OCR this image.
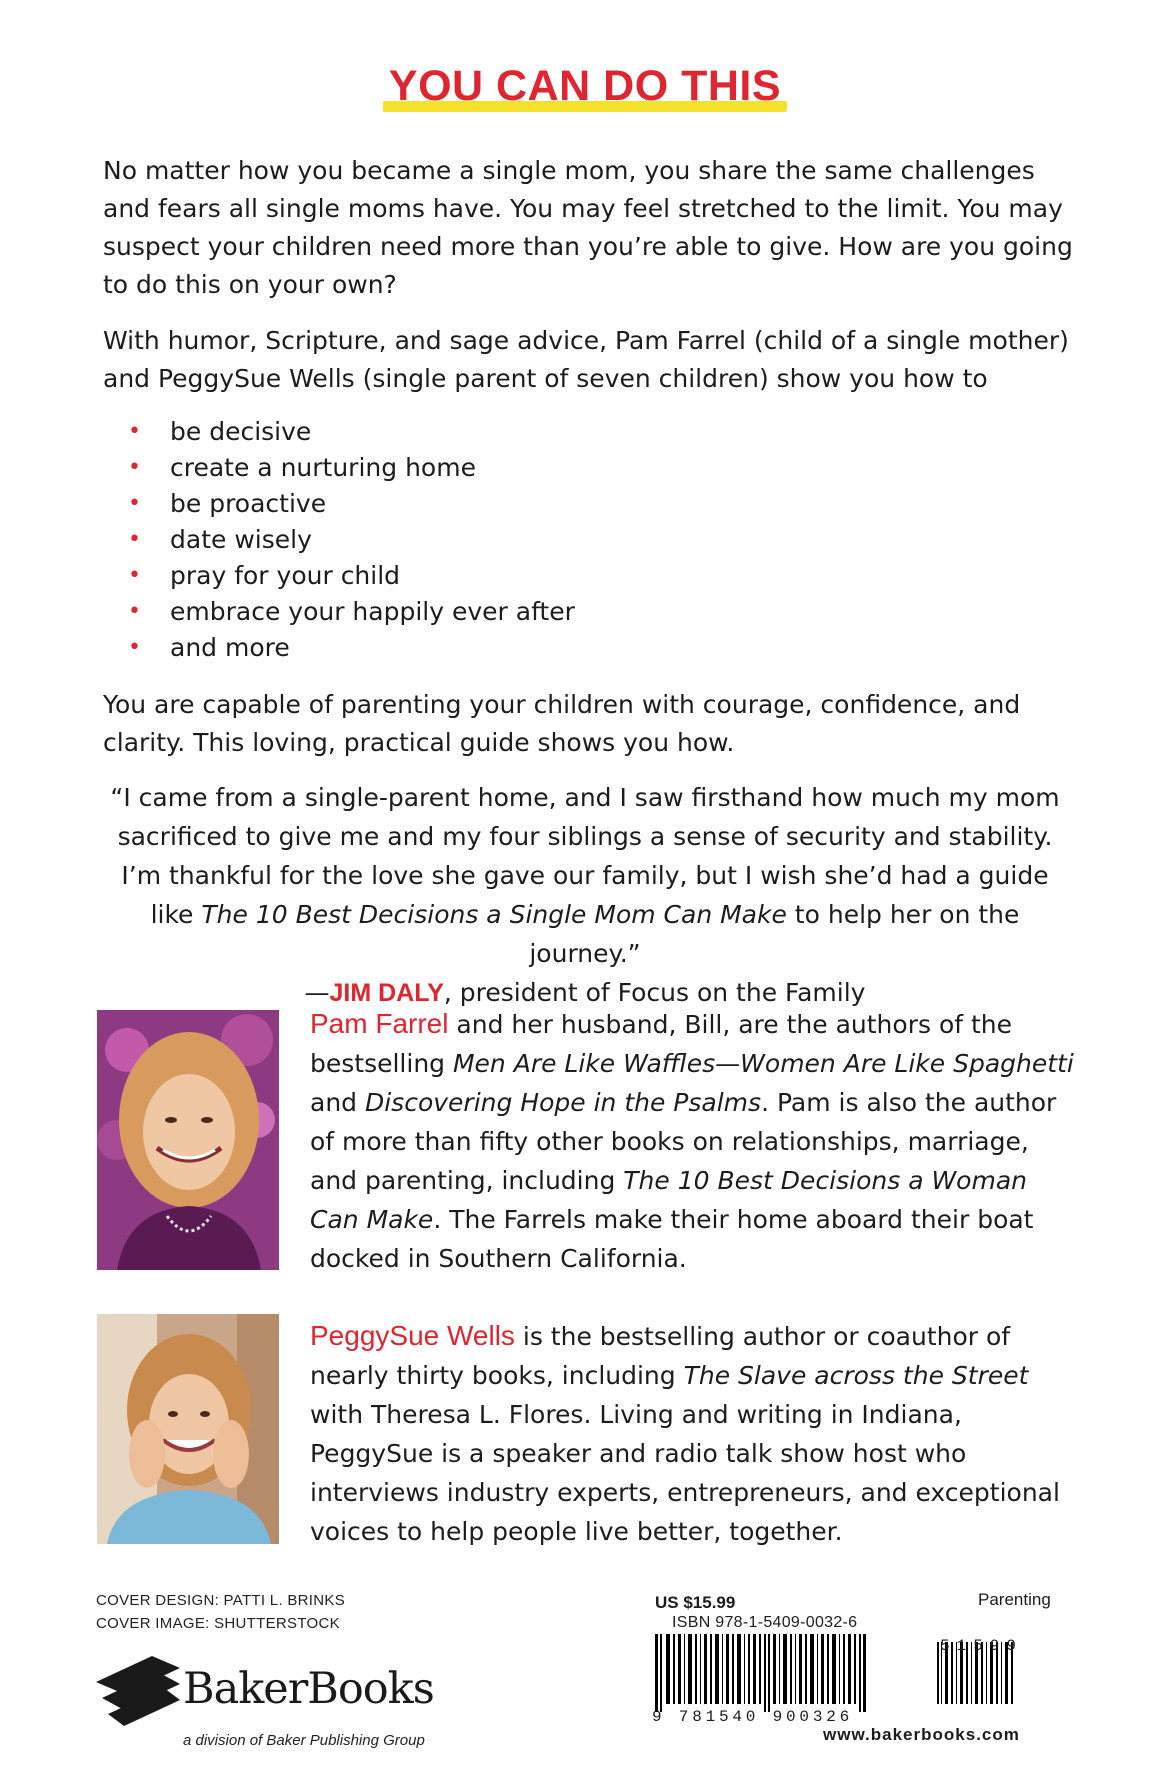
YOU CAN DO THIS

No matter how you became a single mom, you share the same challenges and fears all single moms have. You may feel stretched to the limit. You may suspect your children need more than you’re able to give. How are you going to do this on your own?

With humor, Scripture, and sage advice, Pam Farrel (child of a single mother) and PeggySue Wells (single parent of seven children) show you how to

• be decisive
• create a nurturing home
• be proactive
• date wisely
• pray for your child
• embrace your happily ever after
• and more

You are capable of parenting your children with courage, confidence, and clarity. This loving, practical guide shows you how.

“I came from a single-parent home, and I saw firsthand how much my mom sacrificed to give me and my four siblings a sense of security and stability. I’m thankful for the love she gave our family, but I wish she’d had a guide like The 10 Best Decisions a Single Mom Can Make to help her on the journey.”
—JIM DALY, president of Focus on the Family

Pam Farrel and her husband, Bill, are the authors of the bestselling Men Are Like Waffles—Women Are Like Spaghetti and Discovering Hope in the Psalms. Pam is also the author of more than fifty other books on relationships, marriage, and parenting, including The 10 Best Decisions a Woman Can Make. The Farrels make their home aboard their boat docked in Southern California.

PeggySue Wells is the bestselling author or coauthor of nearly thirty books, including The Slave across the Street with Theresa L. Flores. Living and writing in Indiana, PeggySue is a speaker and radio talk show host who interviews industry experts, entrepreneurs, and exceptional voices to help people live better, together.

COVER DESIGN: PATTI L. BRINKS
COVER IMAGE: SHUTTERSTOCK
BakerBooks
a division of Baker Publishing Group
US $15.99
ISBN 978-1-5409-0032-6
Parenting
51599
9 781540 900326
www.bakerbooks.com
